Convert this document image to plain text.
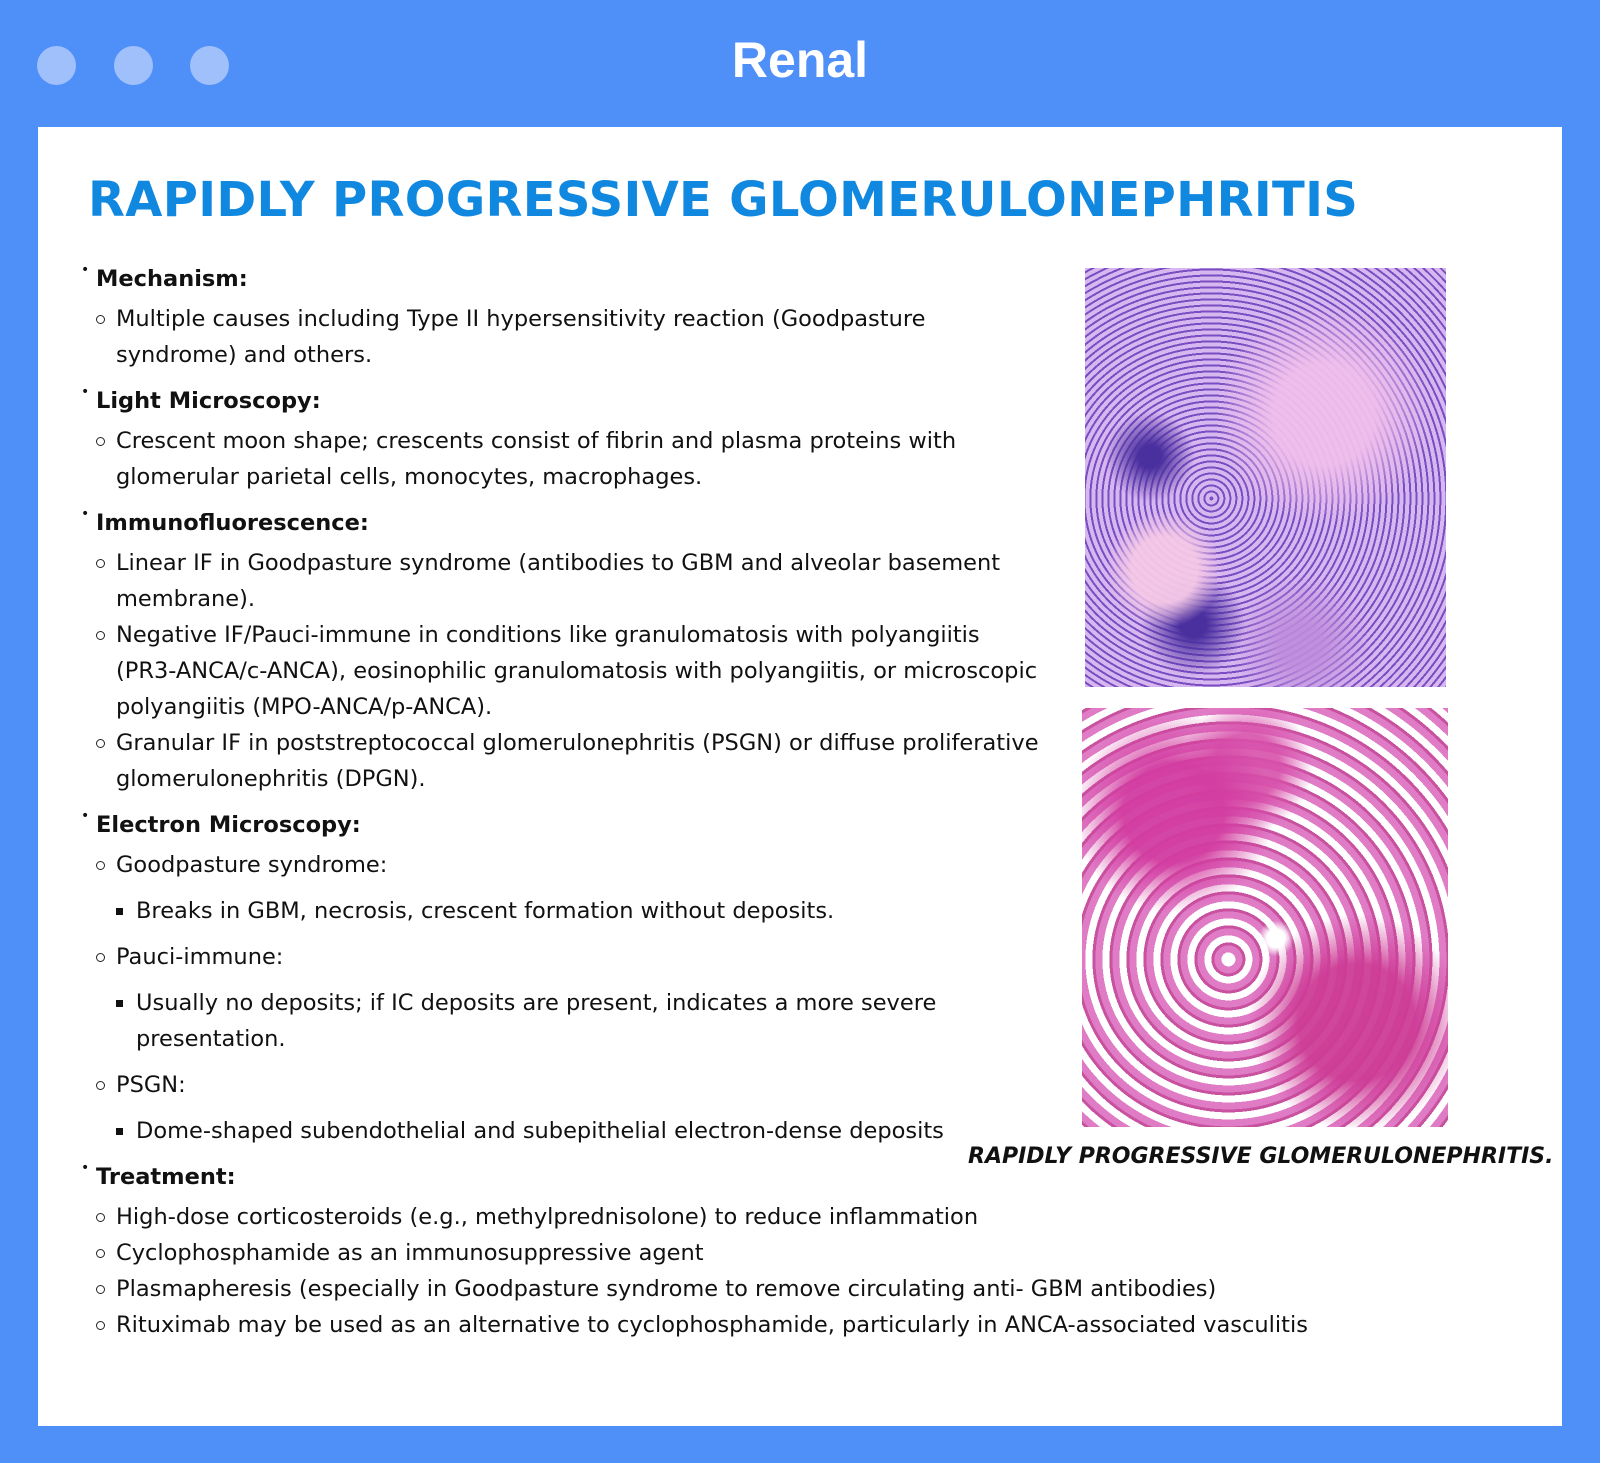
Renal
RAPIDLY PROGRESSIVE GLOMERULONEPHRITIS
• Mechanism:
Multiple causes including Type II hypersensitivity reaction (Goodpasture syndrome) and others.
• Light Microscopy:
Crescent moon shape; crescents consist of fibrin and plasma proteins with glomerular parietal cells, monocytes, macrophages.
• Immunofluorescence:
Linear IF in Goodpasture syndrome (antibodies to GBM and alveolar basement membrane).
Negative IF/Pauci-immune in conditions like granulomatosis with polyangiitis (PR3-ANCA/c-ANCA), eosinophilic granulomatosis with polyangiitis, or microscopic polyangiitis (MPO-ANCA/p-ANCA).
Granular IF in poststreptococcal glomerulonephritis (PSGN) or diffuse proliferative glomerulonephritis (DPGN).
• Electron Microscopy:
Goodpasture syndrome:
Breaks in GBM, necrosis, crescent formation without deposits.
Pauci-immune:
Usually no deposits; if IC deposits are present, indicates a more severe presentation.
PSGN:
Dome-shaped subendothelial and subepithelial electron-dense deposits
• Treatment:
High-dose corticosteroids (e.g., methylprednisolone) to reduce inflammation
Cyclophosphamide as an immunosuppressive agent
Plasmapheresis (especially in Goodpasture syndrome to remove circulating anti- GBM antibodies)
Rituximab may be used as an alternative to cyclophosphamide, particularly in ANCA-associated vasculitis
RAPIDLY PROGRESSIVE GLOMERULONEPHRITIS.
